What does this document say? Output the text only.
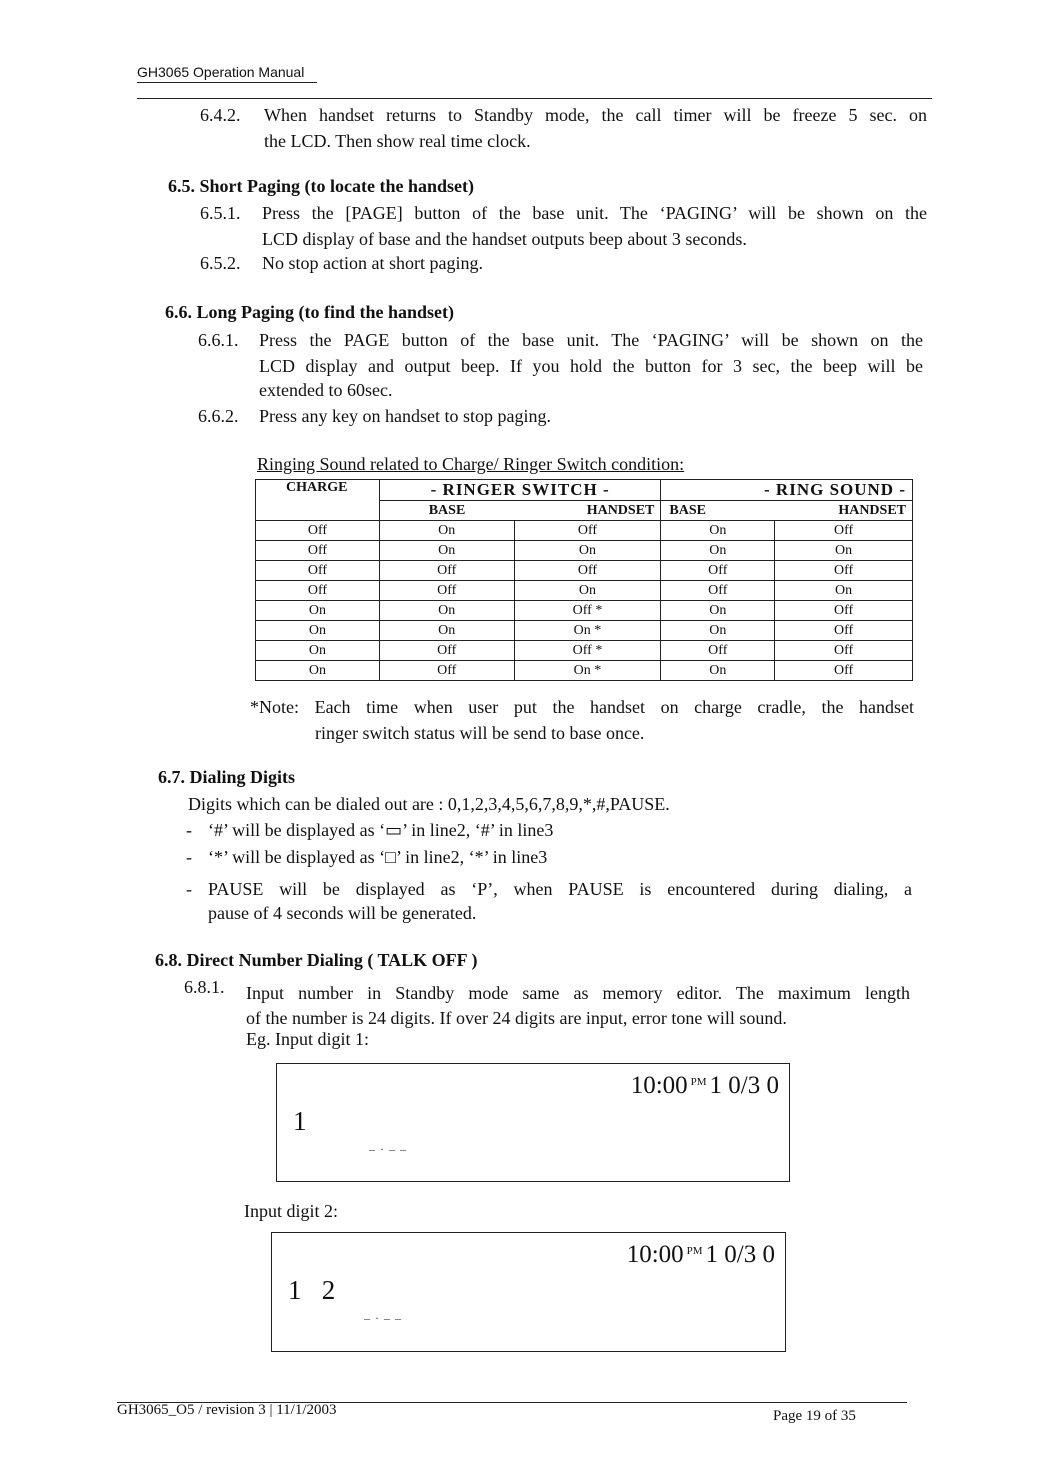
GH3065 Operation Manual
6.4.2. When handset returns to Standby mode, the call timer will be freeze 5 sec. on
the LCD. Then show real time clock.
6.5. Short Paging (to locate the handset)
6.5.1. Press the [PAGE] button of the base unit. The ‘PAGING’ will be shown on the
LCD display of base and the handset outputs beep about 3 seconds.
6.5.2. No stop action at short paging.
6.6. Long Paging (to find the handset)
6.6.1. Press the PAGE button of the base unit. The ‘PAGING’ will be shown on the
LCD display and output beep. If you hold the button for 3 sec, the beep will be
extended to 60sec.
6.6.2. Press any key on handset to stop paging.
Ringing Sound related to Charge/ Ringer Switch condition:
CHARGE	- RINGER SWITCH -		- RING SOUND -	
	BASE	HANDSET	BASE	HANDSET
Off	On	Off	On	Off
Off	On	On	On	On
Off	Off	Off	Off	Off
Off	Off	On	Off	On
On	On	Off *	On	Off
On	On	On *	On	Off
On	Off	Off *	Off	Off
On	Off	On *	On	Off
*Note: Each time when user put the handset on charge cradle, the handset
ringer switch status will be send to base once.
6.7. Dialing Digits
Digits which can be dialed out are : 0,1,2,3,4,5,6,7,8,9,*,#,PAUSE.
- ‘#’ will be displayed as ‘▭’ in line2, ‘#’ in line3
- ‘*’ will be displayed as ‘□’ in line2, ‘*’ in line3
- PAUSE will be displayed as ‘P’, when PAUSE is encountered during dialing, a
pause of 4 seconds will be generated.
6.8. Direct Number Dialing ( TALK OFF )
6.8.1. Input number in Standby mode same as memory editor. The maximum length
of the number is 24 digits. If over 24 digits are input, error tone will sound.
Eg. Input digit 1:
10:00 $^{PM}$ 1 0/3 0
1
‒ · ‒ ‒
Input digit 2:
10:00 $^{PM}$ 1 0/3 0
1   2
‒ · ‒ ‒
GH3065_O5 / revision 3 | 11/1/2003	Page 19 of 35
